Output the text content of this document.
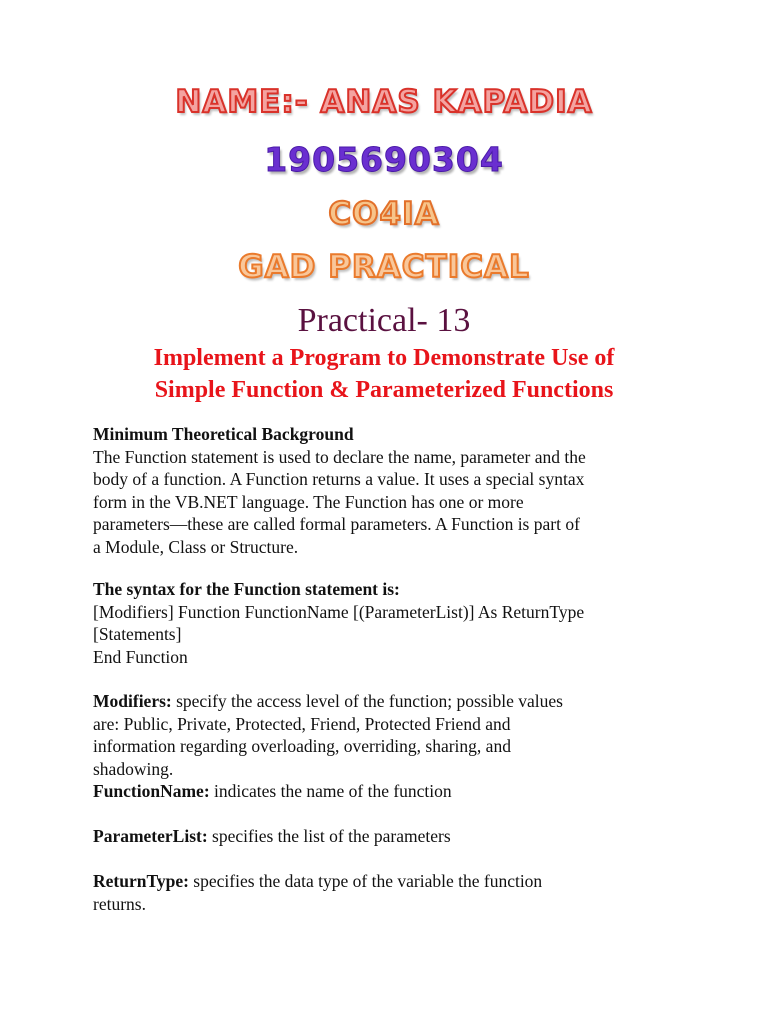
NAME:- ANAS KAPADIA
1905690304
CO4IA
GAD PRACTICAL
Practical- 13
Implement a Program to Demonstrate Use of
Simple Function & Parameterized Functions
Minimum Theoretical Background
The Function statement is used to declare the name, parameter and the
body of a function. A Function returns a value. It uses a special syntax
form in the VB.NET language. The Function has one or more
parameters—these are called formal parameters. A Function is part of
a Module, Class or Structure.
The syntax for the Function statement is:
[Modifiers] Function FunctionName [(ParameterList)] As ReturnType
[Statements]
End Function
Modifiers: specify the access level of the function; possible values
are: Public, Private, Protected, Friend, Protected Friend and
information regarding overloading, overriding, sharing, and
shadowing.
FunctionName: indicates the name of the function
ParameterList: specifies the list of the parameters
ReturnType: specifies the data type of the variable the function
returns.
